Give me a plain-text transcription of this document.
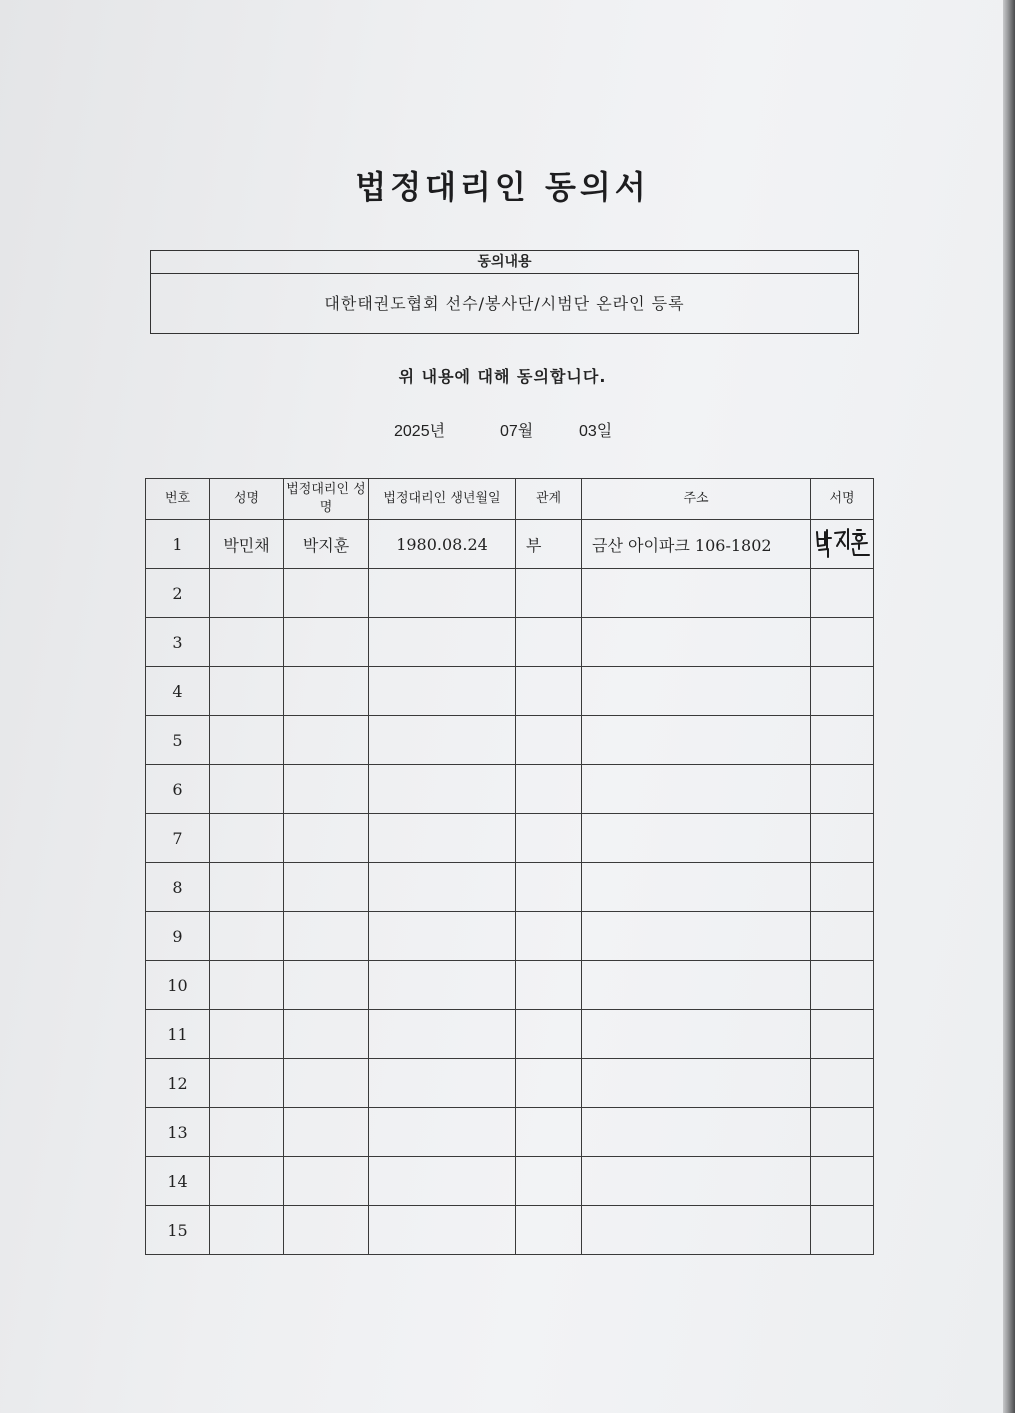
법정대리인 동의서
동의내용
대한태권도협회 선수/봉사단/시범단 온라인 등록
위 내용에 대해 동의합니다.
2025년	07월	03일
번호	성명	법정대리인 성명	법정대리인 생년월일	관계	주소	서명
1	박민채	박지훈	1980.08.24	부	금산 아이파크 106-1802	
2						
3						
4						
5						
6						
7						
8						
9						
10						
11						
12						
13						
14						
15						
